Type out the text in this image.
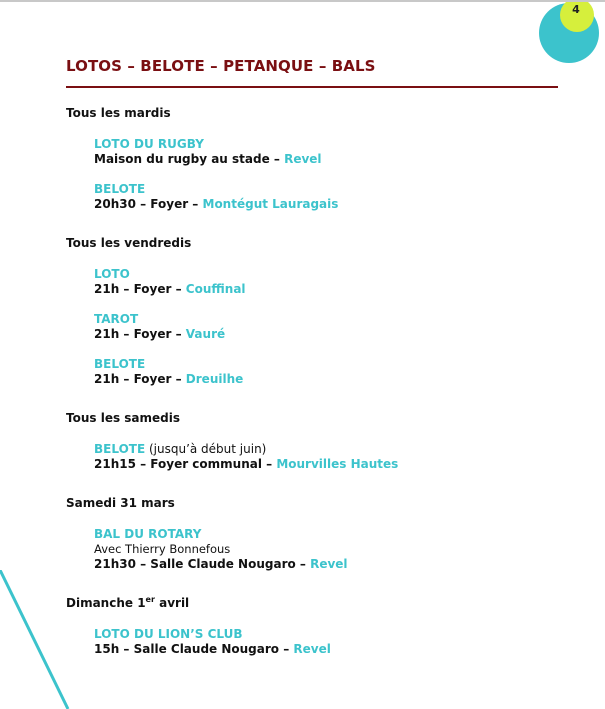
4
LOTOS – BELOTE – PETANQUE – BALS
Tous les mardis
LOTO DU RUGBY
Maison du rugby au stade – Revel
BELOTE
20h30 – Foyer – Montégut Lauragais
Tous les vendredis
LOTO
21h – Foyer – Couffinal
TAROT
21h – Foyer – Vauré
BELOTE
21h – Foyer – Dreuilhe
Tous les samedis
BELOTE (jusqu’à début juin)
21h15 – Foyer communal – Mourvilles Hautes
Samedi 31 mars
BAL DU ROTARY
Avec Thierry Bonnefous
21h30 – Salle Claude Nougaro – Revel
Dimanche 1er avril
LOTO DU LION’S CLUB
15h – Salle Claude Nougaro – Revel
